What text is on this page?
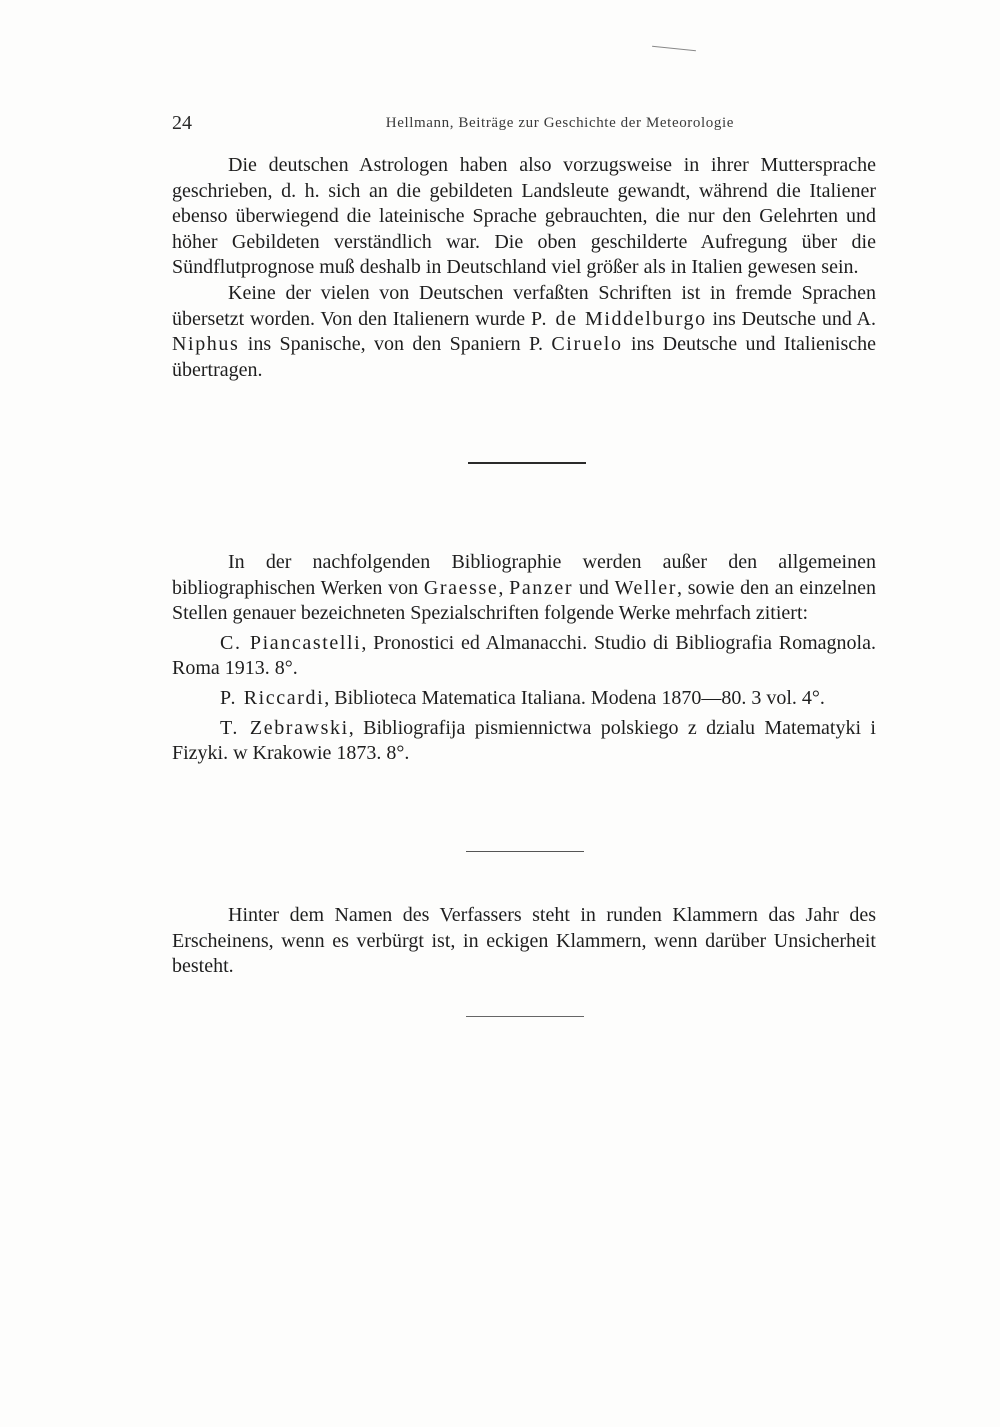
24	Hellmann, Beiträge zur Geschichte der Meteorologie

Die deutschen Astrologen haben also vorzugsweise in ihrer Muttersprache geschrieben, d. h. sich an die gebildeten Landsleute gewandt, während die Italiener ebenso überwiegend die lateinische Sprache gebrauchten, die nur den Gelehrten und höher Gebildeten verständlich war. Die oben geschilderte Aufregung über die Sündflutprognose muß deshalb in Deutschland viel größer als in Italien gewesen sein.

Keine der vielen von Deutschen verfaßten Schriften ist in fremde Sprachen übersetzt worden. Von den Italienern wurde P. de Middelburgo ins Deutsche und A. Niphus ins Spanische, von den Spaniern P. Ciruelo ins Deutsche und Italienische übertragen.

In der nachfolgenden Bibliographie werden außer den allgemeinen bibliographischen Werken von Graesse, Panzer und Weller, sowie den an einzelnen Stellen genauer bezeichneten Spezialschriften folgende Werke mehrfach zitiert:

C. Piancastelli, Pronostici ed Almanacchi. Studio di Bibliografia Romagnola. Roma 1913. 8°.

P. Riccardi, Biblioteca Matematica Italiana. Modena 1870—80. 3 vol. 4°.

T. Zebrawski, Bibliografija pismiennictwa polskiego z dzialu Matematyki i Fizyki. w Krakowie 1873. 8°.

Hinter dem Namen des Verfassers steht in runden Klammern das Jahr des Erscheinens, wenn es verbürgt ist, in eckigen Klammern, wenn darüber Unsicherheit besteht.
